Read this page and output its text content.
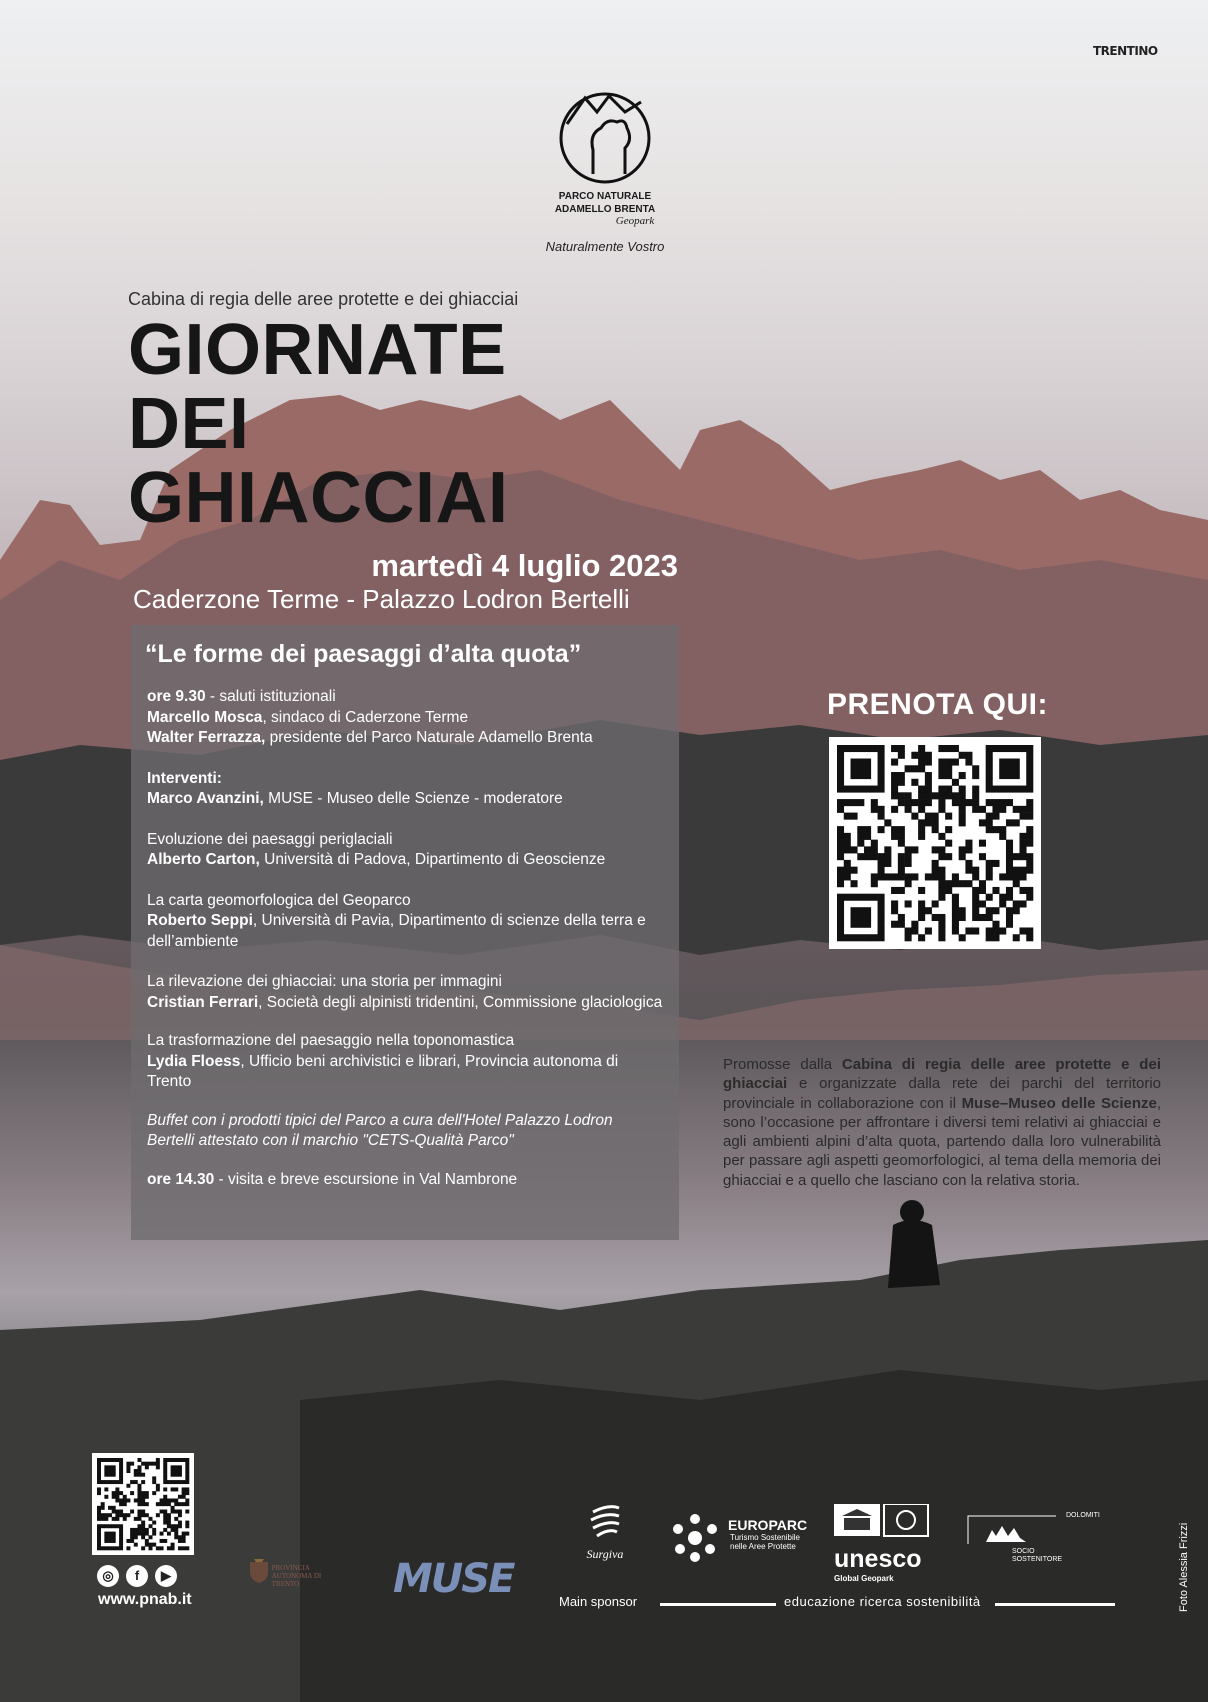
TRENTINO
PARCO NATURALE
ADAMELLO BRENTA
Geopark
Naturalmente Vostro
Cabina di regia delle aree protette e dei ghiacciai
GIORNATE
DEI
GHIACCIAI
martedì 4 luglio 2023
Caderzone Terme - Palazzo Lodron Bertelli
“Le forme dei paesaggi d’alta quota”

ore 9.30 - saluti istituzionali
Marcello Mosca, sindaco di Caderzone Terme
Walter Ferrazza, presidente del Parco Naturale Adamello Brenta

Interventi:
Marco Avanzini, MUSE - Museo delle Scienze - moderatore

Evoluzione dei paesaggi periglaciali
Alberto Carton, Università di Padova, Dipartimento di Geoscienze

La carta geomorfologica del Geoparco
Roberto Seppi, Università di Pavia, Dipartimento di scienze della terra e dell’ambiente

La rilevazione dei ghiacciai: una storia per immagini
Cristian Ferrari, Società degli alpinisti tridentini, Commissione glaciologica

La trasformazione del paesaggio nella toponomastica
Lydia Floess, Ufficio beni archivistici e librari, Provincia autonoma di Trento

Buffet con i prodotti tipici del Parco a cura dell'Hotel Palazzo Lodron Bertelli attestato con il marchio "CETS-Qualità Parco"

ore 14.30 - visita e breve escursione in Val Nambrone

PRENOTA QUI:
Promosse dalla Cabina di regia delle aree protette e dei ghiacciai e organizzate dalla rete dei parchi del territorio provinciale in collaborazione con il Muse–Museo delle Scienze, sono l’occasione per affrontare i diversi temi relativi ai ghiacciai e agli ambienti alpini d’alta quota, partendo dalla loro vulnerabilità per passare agli aspetti geomorfologici, al tema della memoria dei ghiacciai e a quello che lasciano con la relativa storia.
◎ f ▶
www.pnab.it
PROVINCIA AUTONOMA DI TRENTO	MUSE
Surgiva
EUROPARC
Turismo Sostenibile
nelle Aree Protette	unesco
Global Geopark
DOLOMITI
SOCIO SOSTENITORE
Main sponsor	educazione ricerca sostenibilità	Foto Alessia Frizzi
